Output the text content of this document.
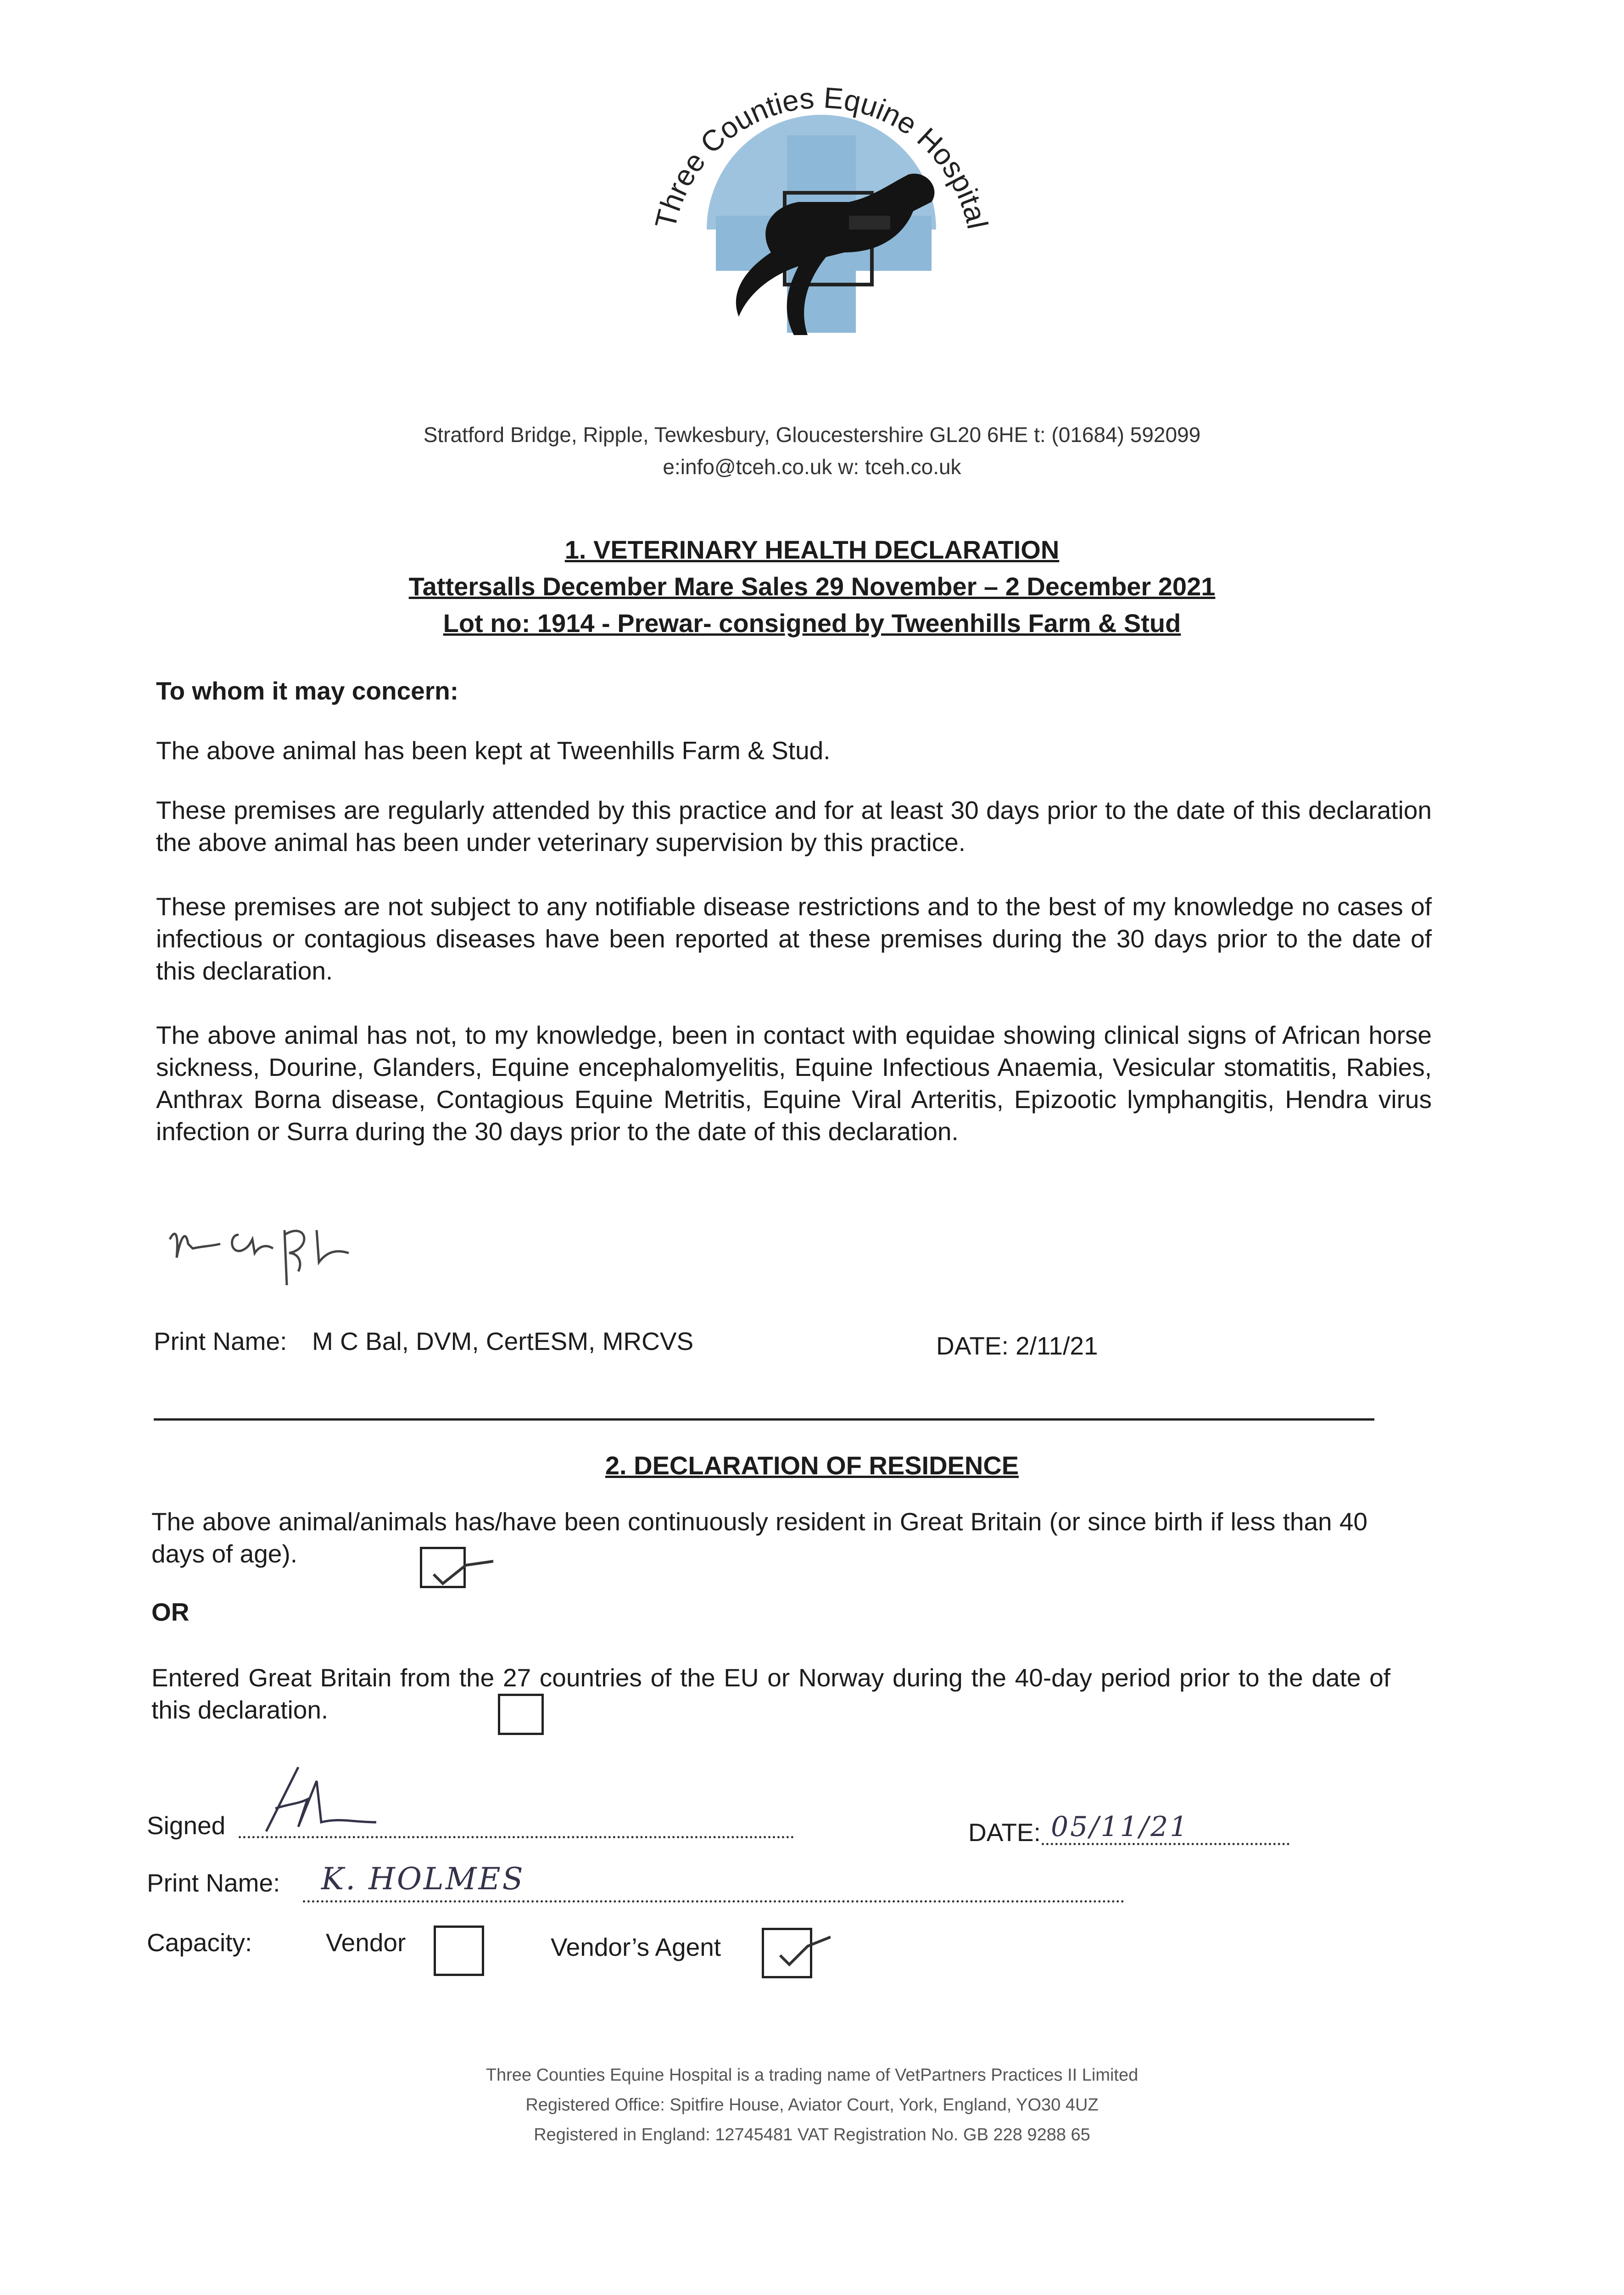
Three Counties Equine Hospital
Stratford Bridge, Ripple, Tewkesbury, Gloucestershire GL20 6HE t: (01684) 592099
e:info@tceh.co.uk w: tceh.co.uk
1. VETERINARY HEALTH DECLARATION
Tattersalls December Mare Sales 29 November – 2 December 2021
Lot no: 1914 - Prewar- consigned by Tweenhills Farm & Stud
To whom it may concern:
The above animal has been kept at Tweenhills Farm & Stud.
These premises are regularly attended by this practice and for at least 30 days prior to the date of this declaration the above animal has been under veterinary supervision by this practice.
These premises are not subject to any notifiable disease restrictions and to the best of my knowledge no cases of infectious or contagious diseases have been reported at these premises during the 30 days prior to the date of this declaration.
The above animal has not, to my knowledge, been in contact with equidae showing clinical signs of African horse sickness, Dourine, Glanders, Equine encephalomyelitis, Equine Infectious Anaemia, Vesicular stomatitis, Rabies, Anthrax Borna disease, Contagious Equine Metritis, Equine Viral Arteritis, Epizootic lymphangitis, Hendra virus infection or Surra during the 30 days prior to the date of this declaration.
Print Name: M C Bal, DVM, CertESM, MRCVS	DATE: 2/11/21
2. DECLARATION OF RESIDENCE
The above animal/animals has/have been continuously resident in Great Britain (or since birth if less than 40 days of age).
OR
Entered Great Britain from the 27 countries of the EU or Norway during the 40-day period prior to the date of this declaration.
Signed	DATE: 05/11/21
Print Name: K. HOLMES
Capacity:	Vendor	Vendor’s Agent
Three Counties Equine Hospital is a trading name of VetPartners Practices II Limited
Registered Office: Spitfire House, Aviator Court, York, England, YO30 4UZ
Registered in England: 12745481 VAT Registration No. GB 228 9288 65
